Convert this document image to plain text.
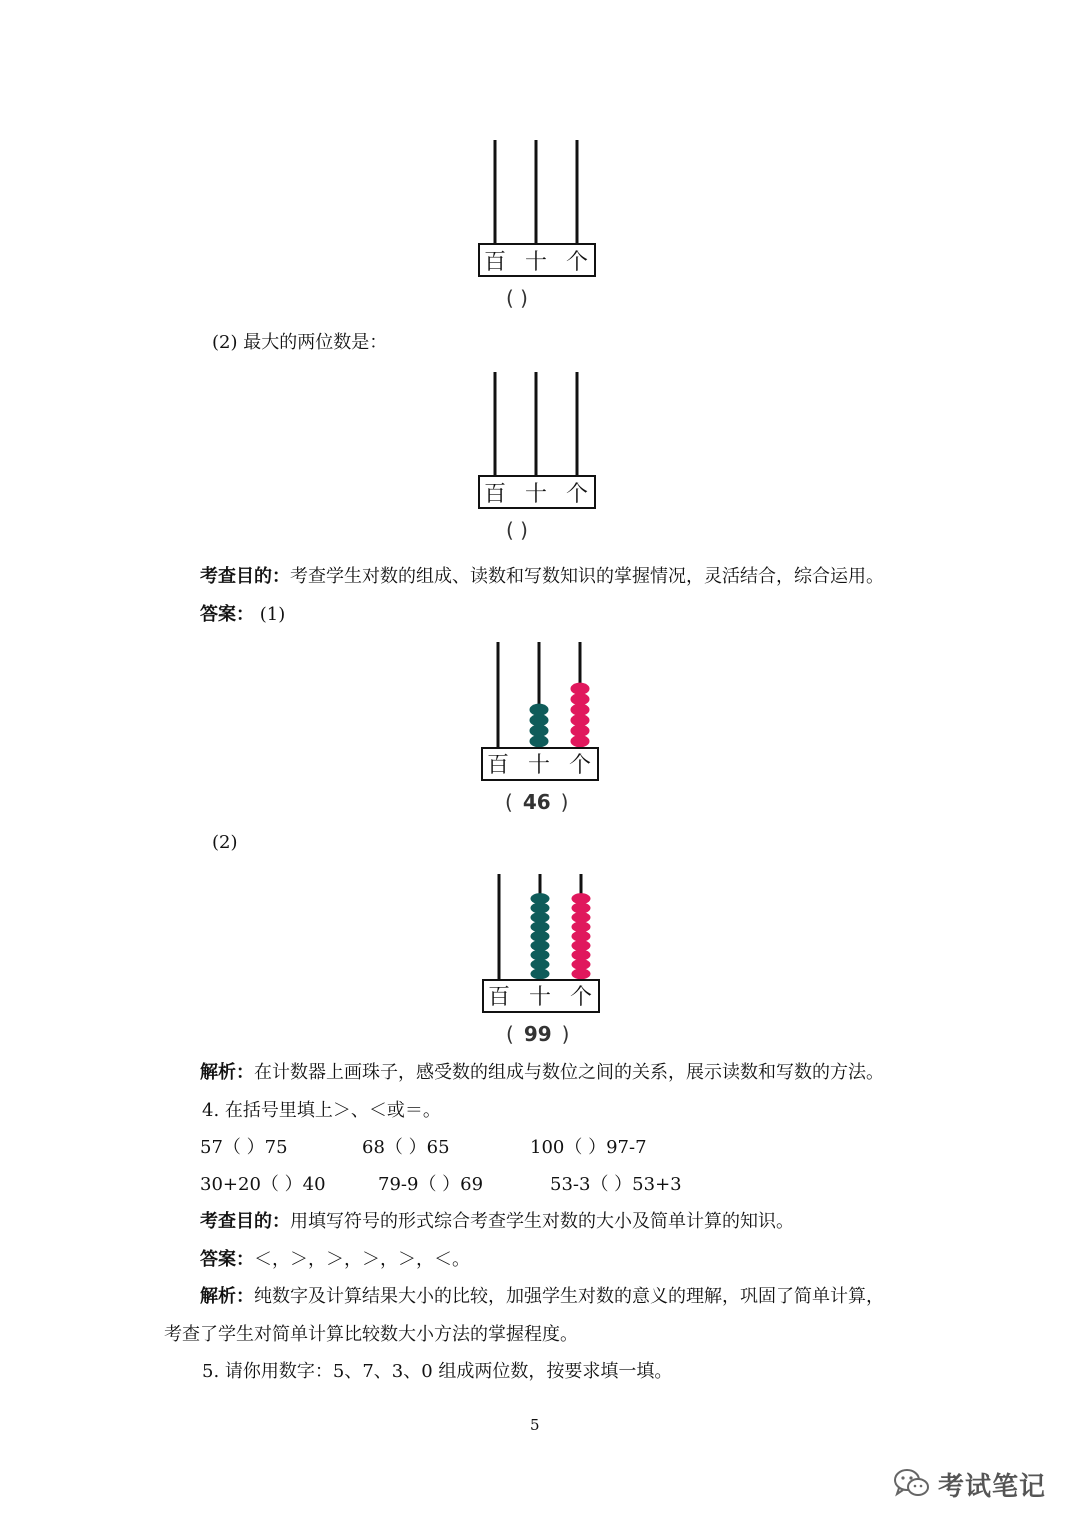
百 十 个
( )
(2) 最大的两位数是：
百 十 个
( )
考查目的：考查学生对数的组成、读数和写数知识的掌握情况，灵活结合，综合运用。
答案： (1)
百 十 个
( 46 )
(2)
百 十 个
( 99 )
解析：在计数器上画珠子，感受数的组成与数位之间的关系，展示读数和写数的方法。
4. 在括号里填上＞、＜或＝。
57（ ）75	68（ ）65	100（ ）97-7
30+20（ ）40	79-9（ ）69	53-3（ ）53+3
考查目的：用填写符号的形式综合考查学生对数的大小及简单计算的知识。
答案：＜，＞，＞，＞，＞，＜。
解析：纯数字及计算结果大小的比较，加强学生对数的意义的理解，巩固了简单计算，
考查了学生对简单计算比较数大小方法的掌握程度。
5. 请你用数字：5、7、3、0 组成两位数，按要求填一填。
5
考试笔记
